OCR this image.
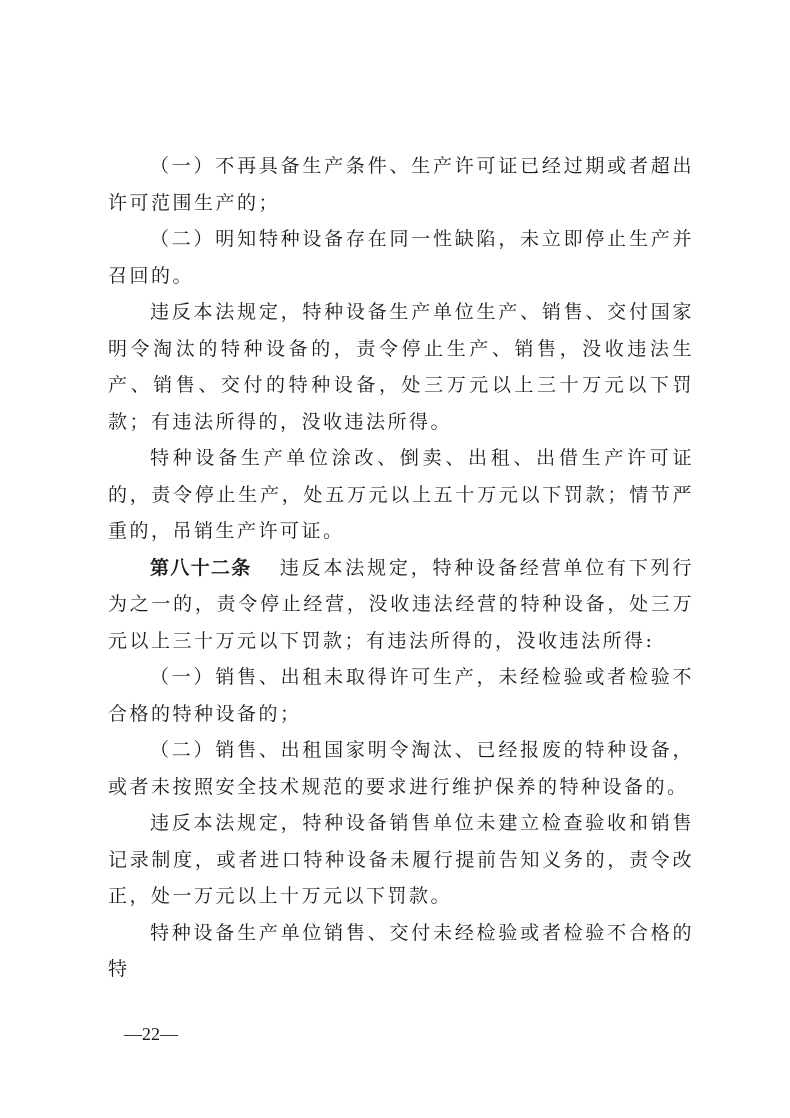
（一）不再具备生产条件、生产许可证已经过期或者超出许可范围生产的；

（二）明知特种设备存在同一性缺陷，未立即停止生产并召回的。

违反本法规定，特种设备生产单位生产、销售、交付国家明令淘汰的特种设备的，责令停止生产、销售，没收违法生产、销售、交付的特种设备，处三万元以上三十万元以下罚款；有违法所得的，没收违法所得。

特种设备生产单位涂改、倒卖、出租、出借生产许可证的，责令停止生产，处五万元以上五十万元以下罚款；情节严重的，吊销生产许可证。

第八十二条 违反本法规定，特种设备经营单位有下列行为之一的，责令停止经营，没收违法经营的特种设备，处三万元以上三十万元以下罚款；有违法所得的，没收违法所得:

（一）销售、出租未取得许可生产，未经检验或者检验不合格的特种设备的；

（二）销售、出租国家明令淘汰、已经报废的特种设备，或者未按照安全技术规范的要求进行维护保养的特种设备的。

违反本法规定，特种设备销售单位未建立检查验收和销售记录制度，或者进口特种设备未履行提前告知义务的，责令改正，处一万元以上十万元以下罚款。

特种设备生产单位销售、交付未经检验或者检验不合格的特

—22—
